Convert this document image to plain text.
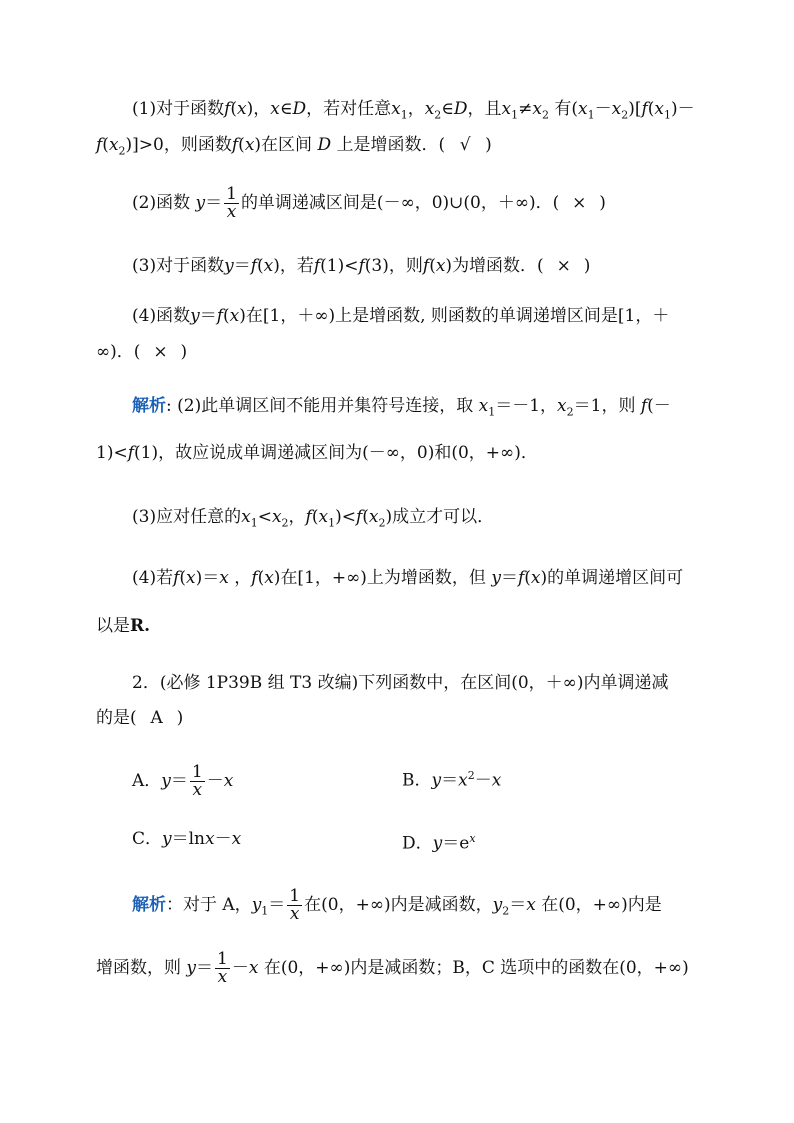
(1)对于函数f(x)，x∈D，若对任意$x_1$，$x_2\in D$，且$x_1\ne x_2$ 有$(x_1-x_2)[f(x_1)-$
$f(x_2)]>0$，则函数f(x)在区间 D 上是增函数．( √ )
(2)函数 $y= \frac{1}{x}$ 的单调递减区间是(－∞，0)∪(0，＋∞)．( × )
(3)对于函数y＝f(x)，若f(1)<f(3)，则f(x)为增函数．( × )
(4)函数y＝f(x)在[1，＋∞)上是增函数, 则函数的单调递增区间是[1，＋
∞)．( × )
解析: (2)此单调区间不能用并集符号连接，取 $x_1=-1$，$x_2=1$，则 f(－
1)<f(1)，故应说成单调递减区间为(－∞，0)和(0，+∞)．
(3)应对任意的$x_1<x_2$，$f(x_1)<f(x_2)$成立才可以．
(4)若f(x)＝x ，f(x)在[1，+∞)上为增函数，但 y＝f(x)的单调递增区间可
以是R.
2．(必修 1P39B 组 T3 改编)下列函数中，在区间(0，＋∞)内单调递减
的是( A )
A．$y= \frac{1}{x} -x$	B．$y=x^2-x$
C．y＝lnx－x	D．$y=e^x$
解析：对于 A，$y_1= \frac{1}{x}$ 在(0，+∞)内是减函数，$y_2=x$ 在(0，+∞)内是
增函数，则 $y= \frac{1}{x} -x$ 在(0，+∞)内是减函数；B，C 选项中的函数在(0，+∞)
